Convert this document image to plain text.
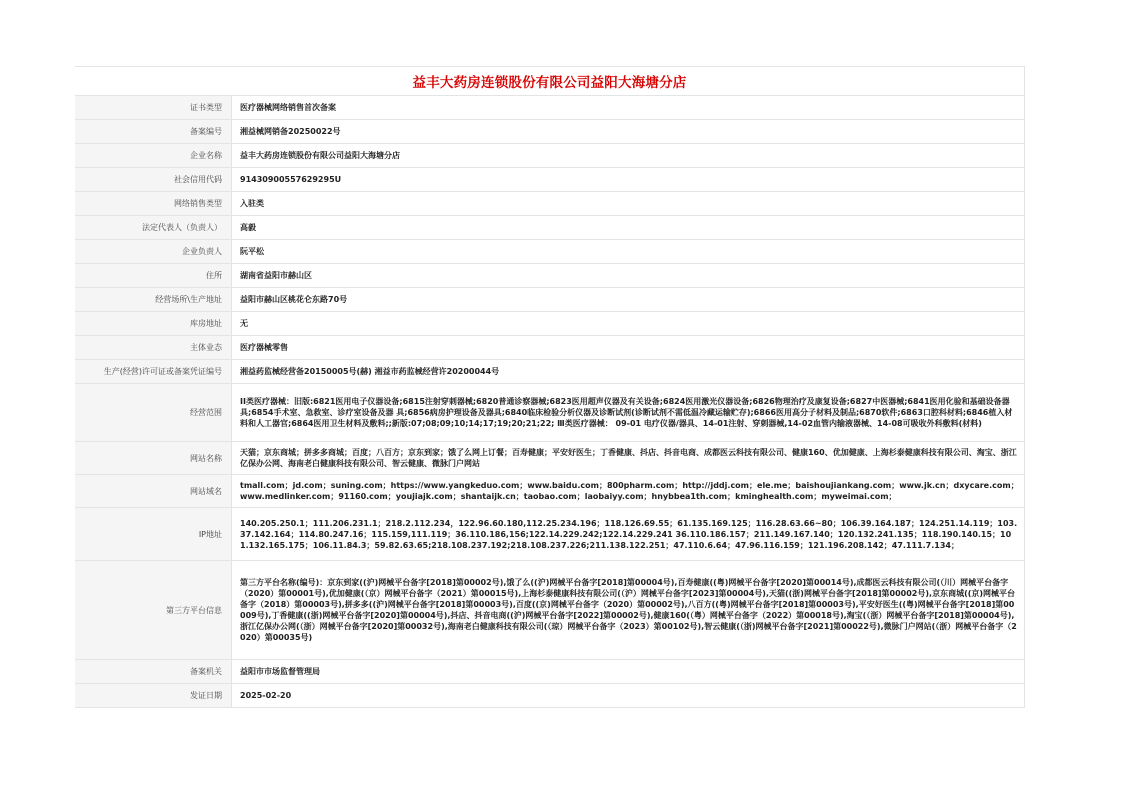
益丰大药房连锁股份有限公司益阳大海塘分店
证书类型	医疗器械网络销售首次备案
备案编号	湘益械网销备20250022号
企业名称	益丰大药房连锁股份有限公司益阳大海塘分店
社会信用代码	91430900557629295U
网络销售类型	入驻类
法定代表人（负责人）	高毅
企业负责人	阮平松
住所	湖南省益阳市赫山区
经营场所\生产地址	益阳市赫山区桃花仑东路70号
库房地址	无
主体业态	医疗器械零售
生产(经营)许可证或备案凭证编号	湘益药监械经营备20150005号(赫) 湘益市药监械经营许20200044号
经营范围	II类医疗器械：旧版:6821医用电子仪器设备;6815注射穿刺器械;6820普通诊察器械;6823医用超声仪器及有关设备;6824医用激光仪器设备;6826物理治疗及康复设备;6827中医器械;6841医用化验和基础设备器具;6854手术室、急救室、诊疗室设备及器 具;6856病房护理设备及器具;6840临床检验分析仪器及诊断试剂(诊断试剂不需低温冷藏运输贮存);6866医用高分子材料及制品;6870软件;6863口腔科材料;6846植入材料和人工器官;6864医用卫生材料及敷料;;新版:07;08;09;10;14;17;19;20;21;22; Ⅲ类医疗器械： 09-01 电疗仪器/器具、14-01注射、穿刺器械,14-02血管内输液器械、14-08可吸收外科敷料(材料)
网站名称	天猫；京东商城；拼多多商城；百度；八百方；京东到家；饿了么网上订餐；百寿健康；平安好医生；丁香健康、抖店、抖音电商、成都医云科技有限公司、健康160、优加健康、上海杉泰健康科技有限公司、淘宝、浙江亿保办公网、海南老白健康科技有限公司、智云健康、微脉门户网站
网站域名	tmall.com；jd.com；suning.com；https://www.yangkeduo.com；www.baidu.com；800pharm.com；http://jddj.com；ele.me；baishoujiankang.com；www.jk.cn；dxycare.com；www.medlinker.com；91160.com；youjiajk.com；shantaijk.cn；taobao.com；laobaiyy.com；hnybbea1th.com；kminghealth.com；myweimai.com；
IP地址	140.205.250.1；111.206.231.1；218.2.112.234，122.96.60.180,112.25.234.196；118.126.69.55；61.135.169.125；116.28.63.66~80；106.39.164.187；124.251.14.119；103.37.142.164；114.80.247.16；115.159,111.119；36.110.186,156;122.14.229.242;122.14.229.241 36.110.186.157；211.149.167.140；120.132.241.135；118.190.140.15；101.132.165.175；106.11.84.3；59.82.63.65;218.108.237.192;218.108.237.226;211.138.122.251；47.110.6.64；47.96.116.159；121.196.208.142；47.111.7.134；
第三方平台信息	第三方平台名称(编号)：京东到家((沪)网械平台备字[2018]第00002号),饿了么((沪)网械平台备字[2018]第00004号),百寿健康((粤)网械平台备字[2020]第00014号),成都医云科技有限公司(（川）网械平台备字（2020）第00001号),优加健康(（京）网械平台备字（2021）第00015号),上海杉泰健康科技有限公司(（沪）网械平台备字[2023]第00004号),天猫((浙)网械平台备字[2018]第00002号),京东商城((京)网械平台备字（2018）第00003号),拼多多((沪)网械平台备字[2018]第00003号),百度((京)网械平台备字（2020）第00002号),八百方((粤)网械平台备字[2018]第00003号),平安好医生((粤)网械平台备字[2018]第00009号),丁香健康((浙)网械平台备字[2020]第00004号),抖店、抖音电商((沪)网械平台备字[2022]第00002号),健康160(（粤）网械平台备字（2022）第00018号),淘宝(（浙）网械平台备字[2018]第00004号),浙江亿保办公网(（浙）网械平台备字[2020]第00032号),海南老白健康科技有限公司(（琼）网械平台备字（2023）第00102号),智云健康(（浙)网械平台备字[2021]第00022号),微脉门户网站(（浙）网械平台备字（2020）第00035号)
备案机关	益阳市市场监督管理局
发证日期	2025-02-20
